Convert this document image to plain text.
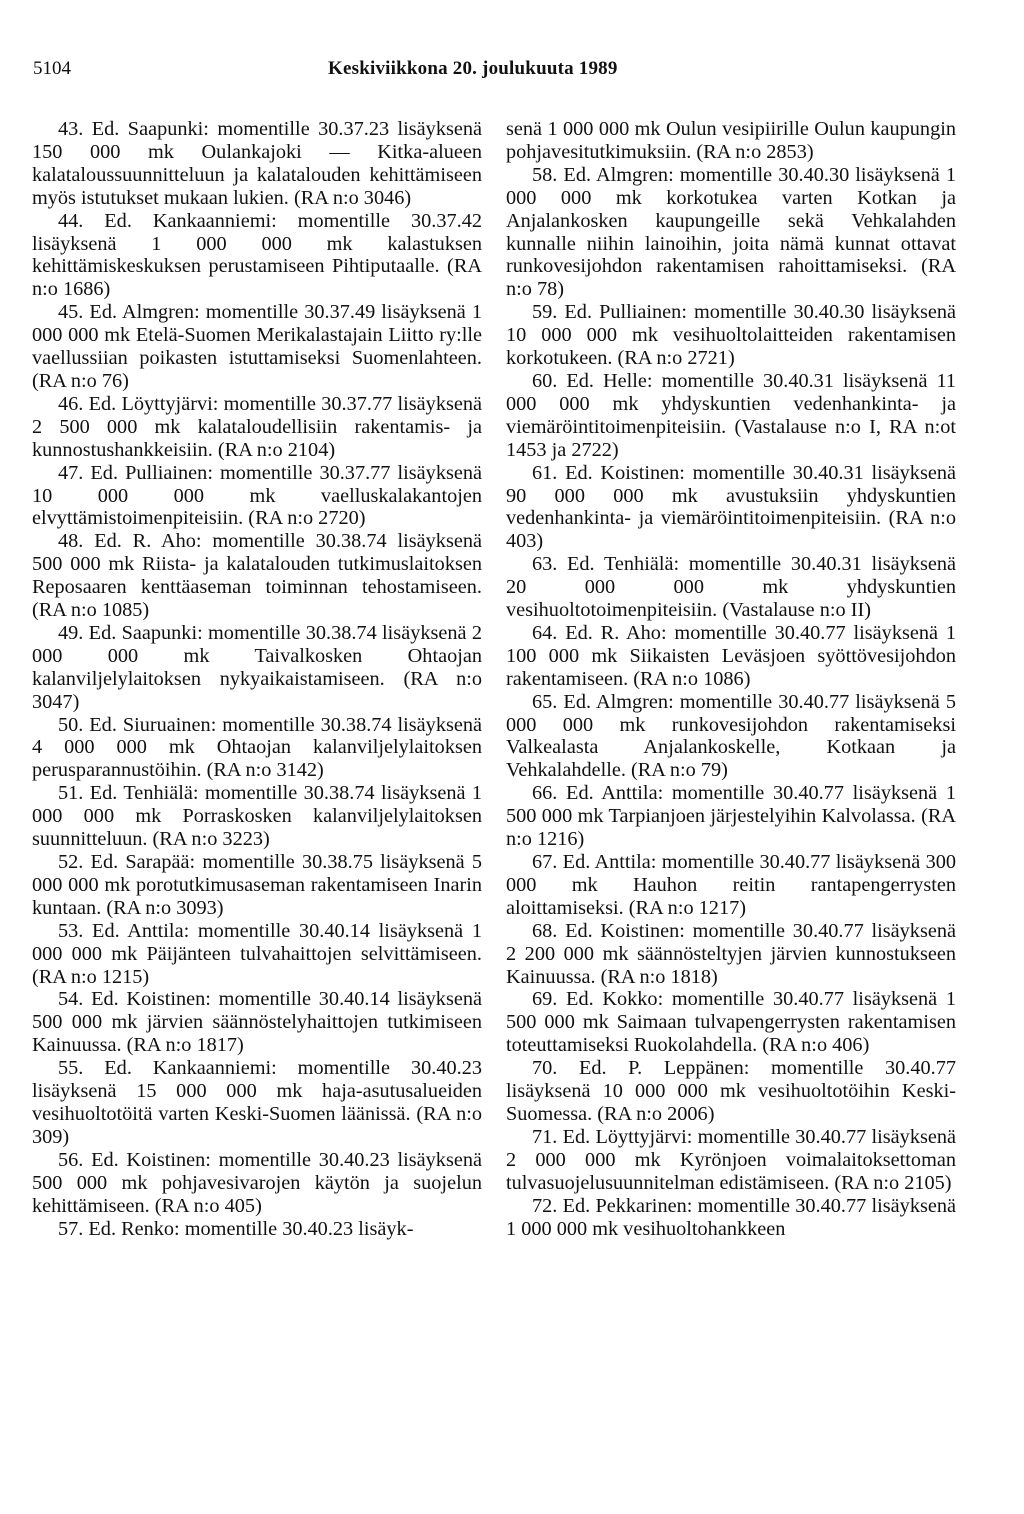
5104	Keskiviikkona 20. joulukuuta 1989

43. Ed. Saapunki: momentille 30.37.23 lisäyksenä 150 000 mk Oulankajoki — Kitka-alueen kalataloussuunnitteluun ja kalatalouden kehittämiseen myös istutukset mukaan lukien. (RA n:o 3046)

44. Ed. Kankaanniemi: momentille 30.37.42 lisäyksenä 1 000 000 mk kalastuksen kehittämiskeskuksen perustamiseen Pihtiputaalle. (RA n:o 1686)

45. Ed. Almgren: momentille 30.37.49 lisäyksenä 1 000 000 mk Etelä-Suomen Merikalastajain Liitto ry:lle vaellussiian poikasten istuttamiseksi Suomenlahteen. (RA n:o 76)

46. Ed. Löyttyjärvi: momentille 30.37.77 lisäyksenä 2 500 000 mk kalataloudellisiin rakentamis- ja kunnostushankkeisiin. (RA n:o 2104)

47. Ed. Pulliainen: momentille 30.37.77 lisäyksenä 10 000 000 mk vaelluskalakantojen elvyttämistoimenpiteisiin. (RA n:o 2720)

48. Ed. R. Aho: momentille 30.38.74 lisäyksenä 500 000 mk Riista- ja kalatalouden tutkimuslaitoksen Reposaaren kenttäaseman toiminnan tehostamiseen. (RA n:o 1085)

49. Ed. Saapunki: momentille 30.38.74 lisäyksenä 2 000 000 mk Taivalkosken Ohtaojan kalanviljelylaitoksen nykyaikaistamiseen. (RA n:o 3047)

50. Ed. Siuruainen: momentille 30.38.74 lisäyksenä 4 000 000 mk Ohtaojan kalanviljelylaitoksen perusparannustöihin. (RA n:o 3142)

51. Ed. Tenhiälä: momentille 30.38.74 lisäyksenä 1 000 000 mk Porraskosken kalanviljelylaitoksen suunnitteluun. (RA n:o 3223)

52. Ed. Sarapää: momentille 30.38.75 lisäyksenä 5 000 000 mk porotutkimusaseman rakentamiseen Inarin kuntaan. (RA n:o 3093)

53. Ed. Anttila: momentille 30.40.14 lisäyksenä 1 000 000 mk Päijänteen tulvahaittojen selvittämiseen. (RA n:o 1215)

54. Ed. Koistinen: momentille 30.40.14 lisäyksenä 500 000 mk järvien säännöstelyhaittojen tutkimiseen Kainuussa. (RA n:o 1817)

55. Ed. Kankaanniemi: momentille 30.40.23 lisäyksenä 15 000 000 mk haja-asutusalueiden vesihuoltotöitä varten Keski-Suomen läänissä. (RA n:o 309)

56. Ed. Koistinen: momentille 30.40.23 lisäyksenä 500 000 mk pohjavesivarojen käytön ja suojelun kehittämiseen. (RA n:o 405)

57. Ed. Renko: momentille 30.40.23 lisäyk-

senä 1 000 000 mk Oulun vesipiirille Oulun kaupungin pohjavesitutkimuksiin. (RA n:o 2853)

58. Ed. Almgren: momentille 30.40.30 lisäyksenä 1 000 000 mk korkotukea varten Kotkan ja Anjalankosken kaupungeille sekä Vehkalahden kunnalle niihin lainoihin, joita nämä kunnat ottavat runkovesijohdon rakentamisen rahoittamiseksi. (RA n:o 78)

59. Ed. Pulliainen: momentille 30.40.30 lisäyksenä 10 000 000 mk vesihuoltolaitteiden rakentamisen korkotukeen. (RA n:o 2721)

60. Ed. Helle: momentille 30.40.31 lisäyksenä 11 000 000 mk yhdyskuntien vedenhankinta- ja viemäröintitoimenpiteisiin. (Vastalause n:o I, RA n:ot 1453 ja 2722)

61. Ed. Koistinen: momentille 30.40.31 lisäyksenä 90 000 000 mk avustuksiin yhdyskuntien vedenhankinta- ja viemäröintitoimenpiteisiin. (RA n:o 403)

63. Ed. Tenhiälä: momentille 30.40.31 lisäyksenä 20 000 000 mk yhdyskuntien vesihuoltotoimenpiteisiin. (Vastalause n:o II)

64. Ed. R. Aho: momentille 30.40.77 lisäyksenä 1 100 000 mk Siikaisten Leväsjoen syöttövesijohdon rakentamiseen. (RA n:o 1086)

65. Ed. Almgren: momentille 30.40.77 lisäyksenä 5 000 000 mk runkovesijohdon rakentamiseksi Valkealasta Anjalankoskelle, Kotkaan ja Vehkalahdelle. (RA n:o 79)

66. Ed. Anttila: momentille 30.40.77 lisäyksenä 1 500 000 mk Tarpianjoen järjestelyihin Kalvolassa. (RA n:o 1216)

67. Ed. Anttila: momentille 30.40.77 lisäyksenä 300 000 mk Hauhon reitin rantapengerrysten aloittamiseksi. (RA n:o 1217)

68. Ed. Koistinen: momentille 30.40.77 lisäyksenä 2 200 000 mk säännösteltyjen järvien kunnostukseen Kainuussa. (RA n:o 1818)

69. Ed. Kokko: momentille 30.40.77 lisäyksenä 1 500 000 mk Saimaan tulvapengerrysten rakentamisen toteuttamiseksi Ruokolahdella. (RA n:o 406)

70. Ed. P. Leppänen: momentille 30.40.77 lisäyksenä 10 000 000 mk vesihuoltotöihin Keski-Suomessa. (RA n:o 2006)

71. Ed. Löyttyjärvi: momentille 30.40.77 lisäyksenä 2 000 000 mk Kyrönjoen voimalaitoksettoman tulvasuojelusuunnitelman edistämiseen. (RA n:o 2105)

72. Ed. Pekkarinen: momentille 30.40.77 lisäyksenä 1 000 000 mk vesihuoltohankkeen
